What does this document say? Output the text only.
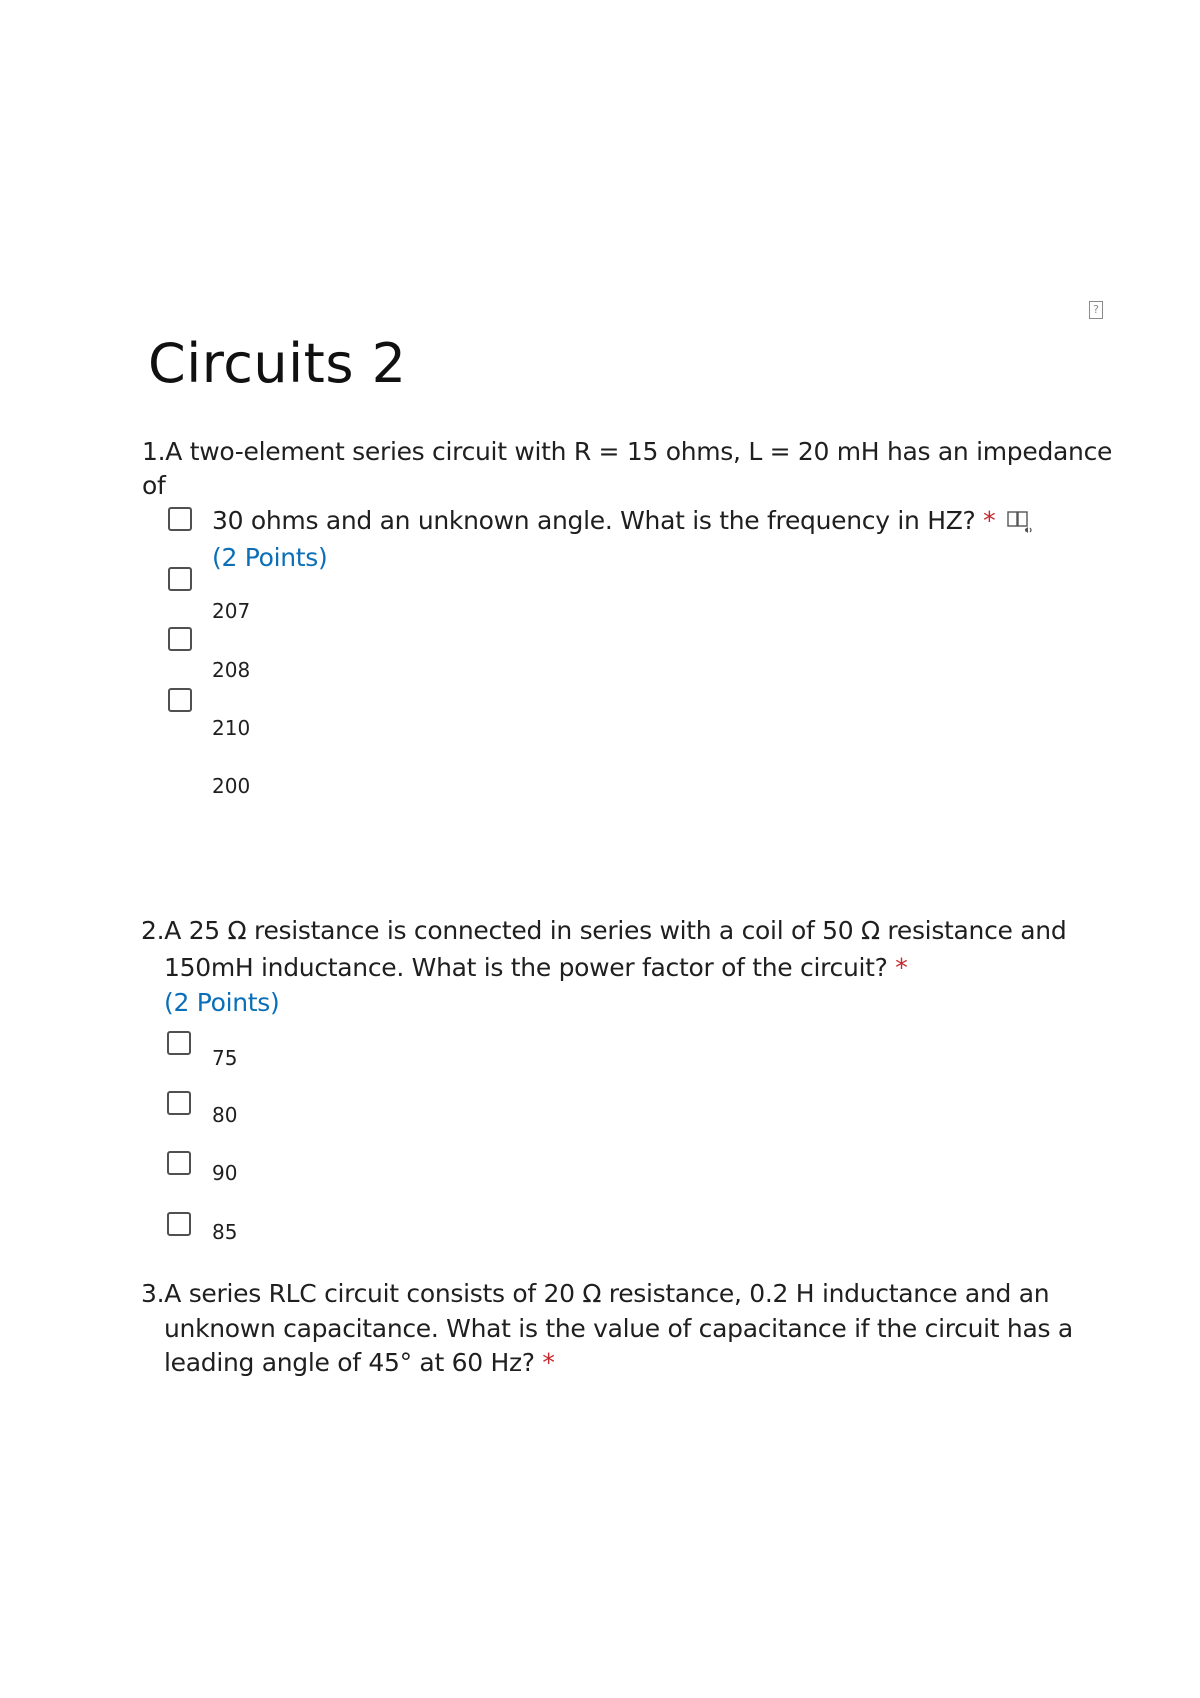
?
Circuits 2
1.A two-element series circuit with R = 15 ohms, L = 20 mH has an impedance
of
30 ohms and an unknown angle. What is the frequency in HZ? *
(2 Points)
207
208
210
200
2.A 25 Ω resistance is connected in series with a coil of 50 Ω resistance and
150mH inductance. What is the power factor of the circuit? *
(2 Points)
75
80
90
85
3.A series RLC circuit consists of 20 Ω resistance, 0.2 H inductance and an
unknown capacitance. What is the value of capacitance if the circuit has a
leading angle of 45° at 60 Hz? *
